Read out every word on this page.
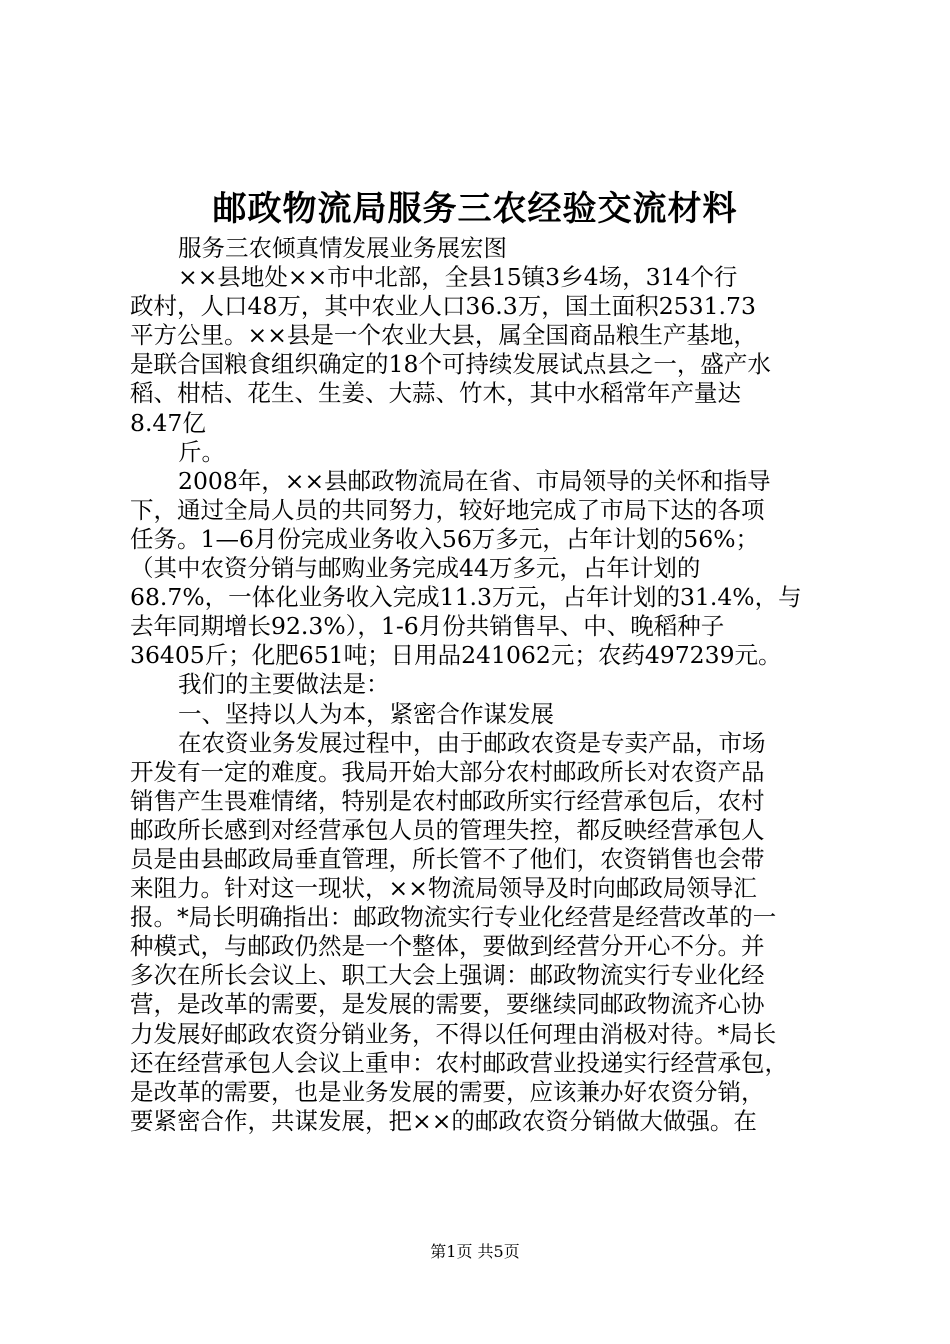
邮政物流局服务三农经验交流材料
服务三农倾真情发展业务展宏图
××县地处××市中北部，全县15镇3乡4场，314个行
政村，人口48万，其中农业人口36.3万，国土面积2531.73
平方公里。××县是一个农业大县，属全国商品粮生产基地，
是联合国粮食组织确定的18个可持续发展试点县之一，盛产水
稻、柑桔、花生、生姜、大蒜、竹木，其中水稻常年产量达
8.47亿
斤。
2008年，××县邮政物流局在省、市局领导的关怀和指导
下，通过全局人员的共同努力，较好地完成了市局下达的各项
任务。1—6月份完成业务收入56万多元，占年计划的56%；
（其中农资分销与邮购业务完成44万多元，占年计划的
68.7%，一体化业务收入完成11.3万元，占年计划的31.4%，与
去年同期增长92.3%），1-6月份共销售早、中、晚稻种子
36405斤；化肥651吨；日用品241062元；农药497239元。
我们的主要做法是：
一、坚持以人为本，紧密合作谋发展
在农资业务发展过程中，由于邮政农资是专卖产品，市场
开发有一定的难度。我局开始大部分农村邮政所长对农资产品
销售产生畏难情绪，特别是农村邮政所实行经营承包后，农村
邮政所长感到对经营承包人员的管理失控，都反映经营承包人
员是由县邮政局垂直管理，所长管不了他们，农资销售也会带
来阻力。针对这一现状，××物流局领导及时向邮政局领导汇
报。*局长明确指出：邮政物流实行专业化经营是经营改革的一
种模式，与邮政仍然是一个整体，要做到经营分开心不分。并
多次在所长会议上、职工大会上强调：邮政物流实行专业化经
营，是改革的需要，是发展的需要，要继续同邮政物流齐心协
力发展好邮政农资分销业务，不得以任何理由消极对待。*局长
还在经营承包人会议上重申：农村邮政营业投递实行经营承包，
是改革的需要，也是业务发展的需要，应该兼办好农资分销，
要紧密合作，共谋发展，把××的邮政农资分销做大做强。在
第1页 共5页
